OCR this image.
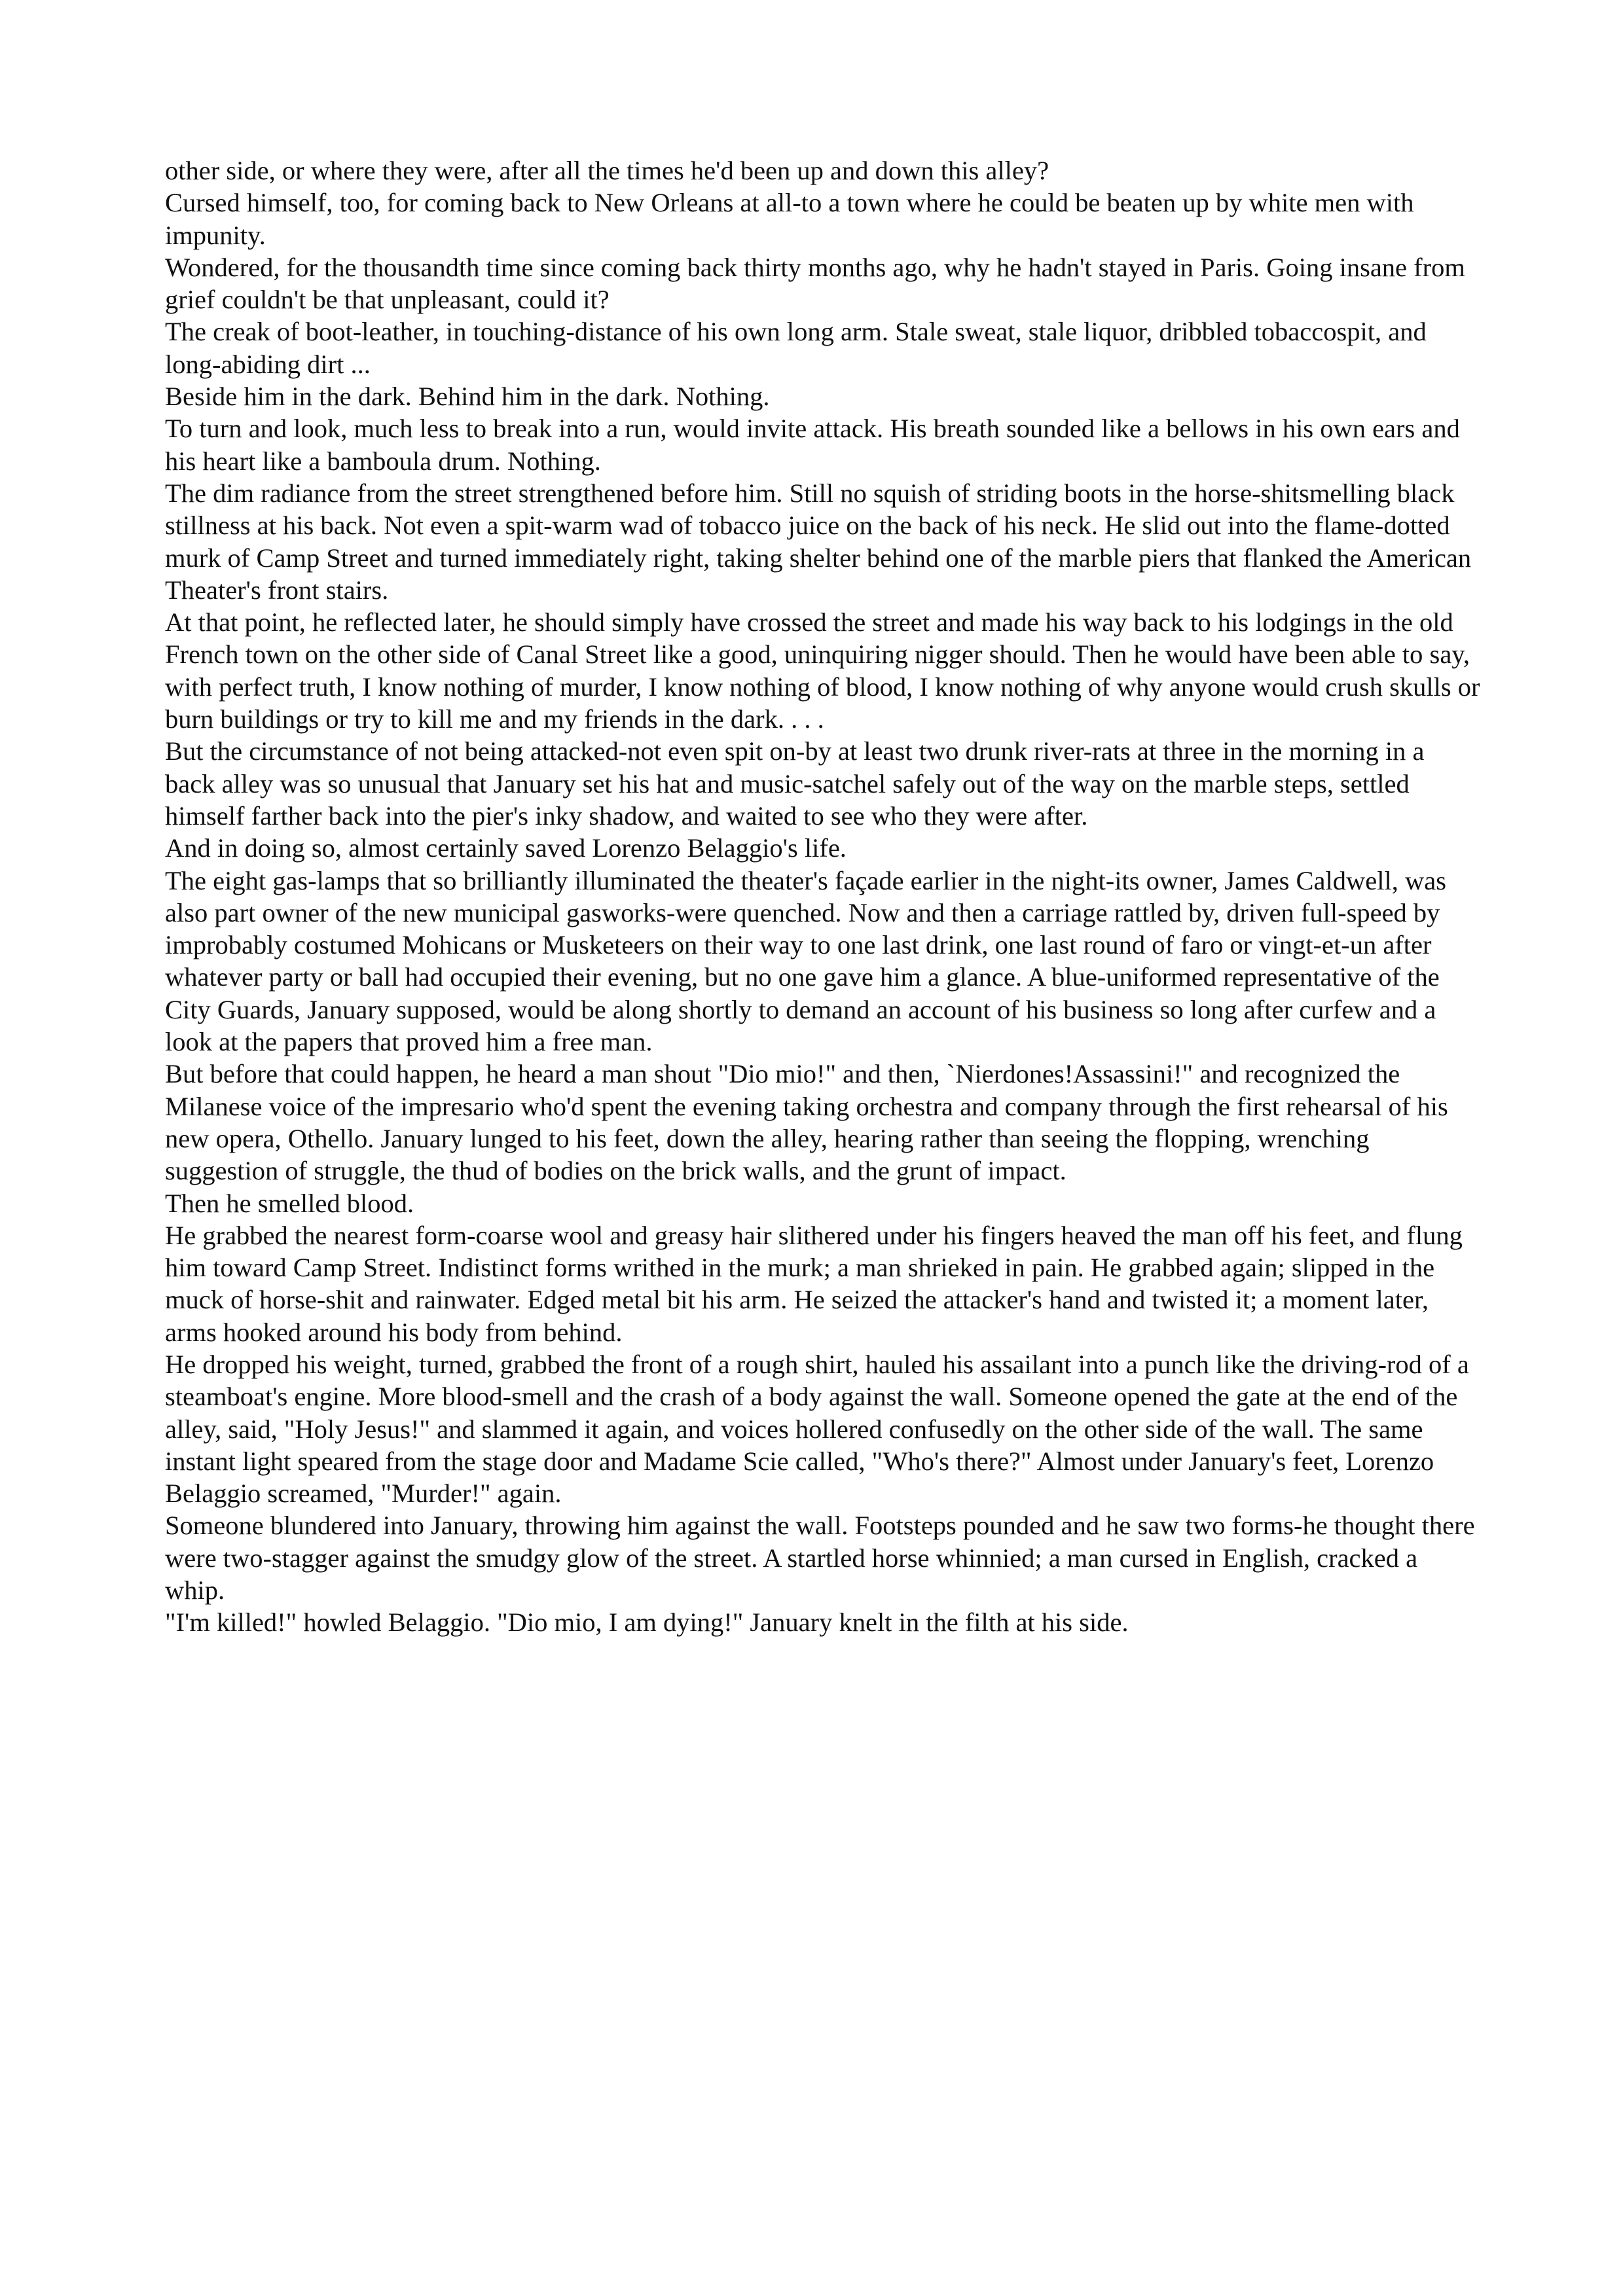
other side, or where they were, after all the times he'd been up and down this alley?

Cursed himself, too, for coming back to New Orleans at all-to a town where he could be beaten up by white men with impunity.

Wondered, for the thousandth time since coming back thirty months ago, why he hadn't stayed in Paris. Going insane from grief couldn't be that unpleasant, could it?

The creak of boot-leather, in touching-distance of his own long arm. Stale sweat, stale liquor, dribbled tobaccospit, and long-abiding dirt ...

Beside him in the dark. Behind him in the dark. Nothing.

To turn and look, much less to break into a run, would invite attack. His breath sounded like a bellows in his own ears and his heart like a bamboula drum. Nothing.

The dim radiance from the street strengthened before him. Still no squish of striding boots in the horse-shitsmelling black stillness at his back. Not even a spit-warm wad of tobacco juice on the back of his neck. He slid out into the flame-dotted murk of Camp Street and turned immediately right, taking shelter behind one of the marble piers that flanked the American Theater's front stairs.

At that point, he reflected later, he should simply have crossed the street and made his way back to his lodgings in the old French town on the other side of Canal Street like a good, uninquiring nigger should. Then he would have been able to say, with perfect truth, I know nothing of murder, I know nothing of blood, I know nothing of why anyone would crush skulls or burn buildings or try to kill me and my friends in the dark. . . .

But the circumstance of not being attacked-not even spit on-by at least two drunk river-rats at three in the morning in a back alley was so unusual that January set his hat and music-satchel safely out of the way on the marble steps, settled himself farther back into the pier's inky shadow, and waited to see who they were after.

And in doing so, almost certainly saved Lorenzo Belaggio's life.

The eight gas-lamps that so brilliantly illuminated the theater's façade earlier in the night-its owner, James Caldwell, was also part owner of the new municipal gasworks-were quenched. Now and then a carriage rattled by, driven full-speed by improbably costumed Mohicans or Musketeers on their way to one last drink, one last round of faro or vingt-et-un after whatever party or ball had occupied their evening, but no one gave him a glance. A blue-uniformed representative of the City Guards, January supposed, would be along shortly to demand an account of his business so long after curfew and a look at the papers that proved him a free man.

But before that could happen, he heard a man shout "Dio mio!" and then, `Nierdones!Assassini!" and recognized the Milanese voice of the impresario who'd spent the evening taking orchestra and company through the first rehearsal of his new opera, Othello. January lunged to his feet, down the alley, hearing rather than seeing the flopping, wrenching suggestion of struggle, the thud of bodies on the brick walls, and the grunt of impact.

Then he smelled blood.

He grabbed the nearest form-coarse wool and greasy hair slithered under his fingers heaved the man off his feet, and flung him toward Camp Street. Indistinct forms writhed in the murk; a man shrieked in pain. He grabbed again; slipped in the muck of horse-shit and rainwater. Edged metal bit his arm. He seized the attacker's hand and twisted it; a moment later, arms hooked around his body from behind.

He dropped his weight, turned, grabbed the front of a rough shirt, hauled his assailant into a punch like the driving-rod of a steamboat's engine. More blood-smell and the crash of a body against the wall. Someone opened the gate at the end of the alley, said, "Holy Jesus!" and slammed it again, and voices hollered confusedly on the other side of the wall. The same instant light speared from the stage door and Madame Scie called, "Who's there?" Almost under January's feet, Lorenzo Belaggio screamed, "Murder!" again.

Someone blundered into January, throwing him against the wall. Footsteps pounded and he saw two forms-he thought there were two-stagger against the smudgy glow of the street. A startled horse whinnied; a man cursed in English, cracked a whip.

"I'm killed!" howled Belaggio. "Dio mio, I am dying!" January knelt in the filth at his side.
